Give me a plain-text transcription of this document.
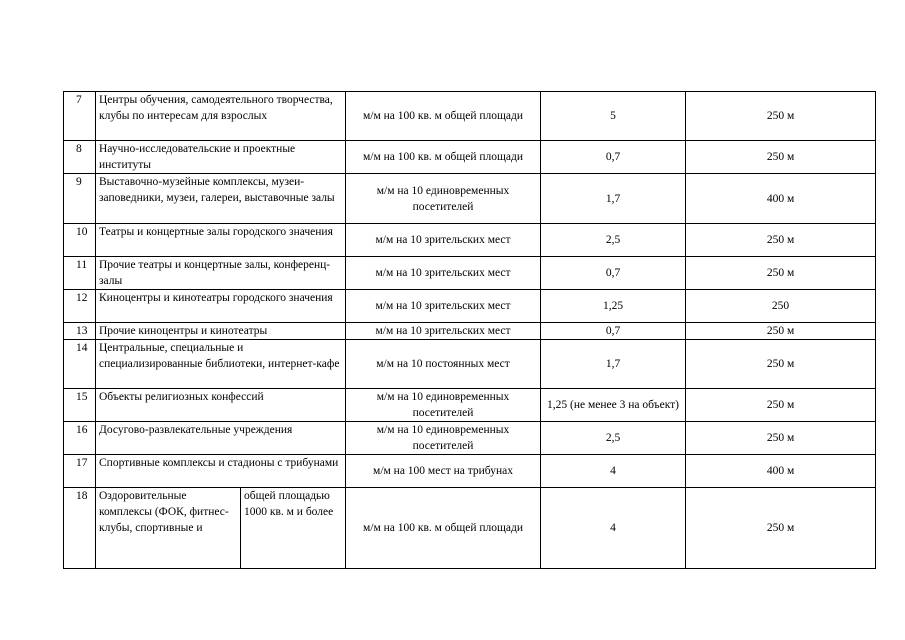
7	Центры обучения, самодеятельного творчества, клубы по интересам для взрослых		м/м на 100 кв. м общей площади	5	250 м
8	Научно-исследовательские и проектные институты		м/м на 100 кв. м общей площади	0,7	250 м
9	Выставочно-музейные комплексы, музеи-заповедники, музеи, галереи, выставочные залы		м/м на 10 единовременных посетителей	1,7	400 м
10	Театры и концертные залы городского значения		м/м на 10 зрительских мест	2,5	250 м
11	Прочие театры и концертные залы, конференц-залы		м/м на 10 зрительских мест	0,7	250 м
12	Киноцентры и кинотеатры городского значения		м/м на 10 зрительских мест	1,25	250
13	Прочие киноцентры и кинотеатры		м/м на 10 зрительских мест	0,7	250 м
14	Центральные, специальные и специализированные библиотеки, интернет-кафе		м/м на 10 постоянных мест	1,7	250 м
15	Объекты религиозных конфессий		м/м на 10 единовременных посетителей	1,25 (не менее 3 на объект)	250 м
16	Досугово-развлекательные учреждения		м/м на 10 единовременных посетителей	2,5	250 м
17	Спортивные комплексы и стадионы с трибунами		м/м на 100 мест на трибунах	4	400 м
18	Оздоровительные комплексы (ФОК, фитнес-клубы, спортивные и	общей площадью 1000 кв. м и более	м/м на 100 кв. м общей площади	4	250 м
